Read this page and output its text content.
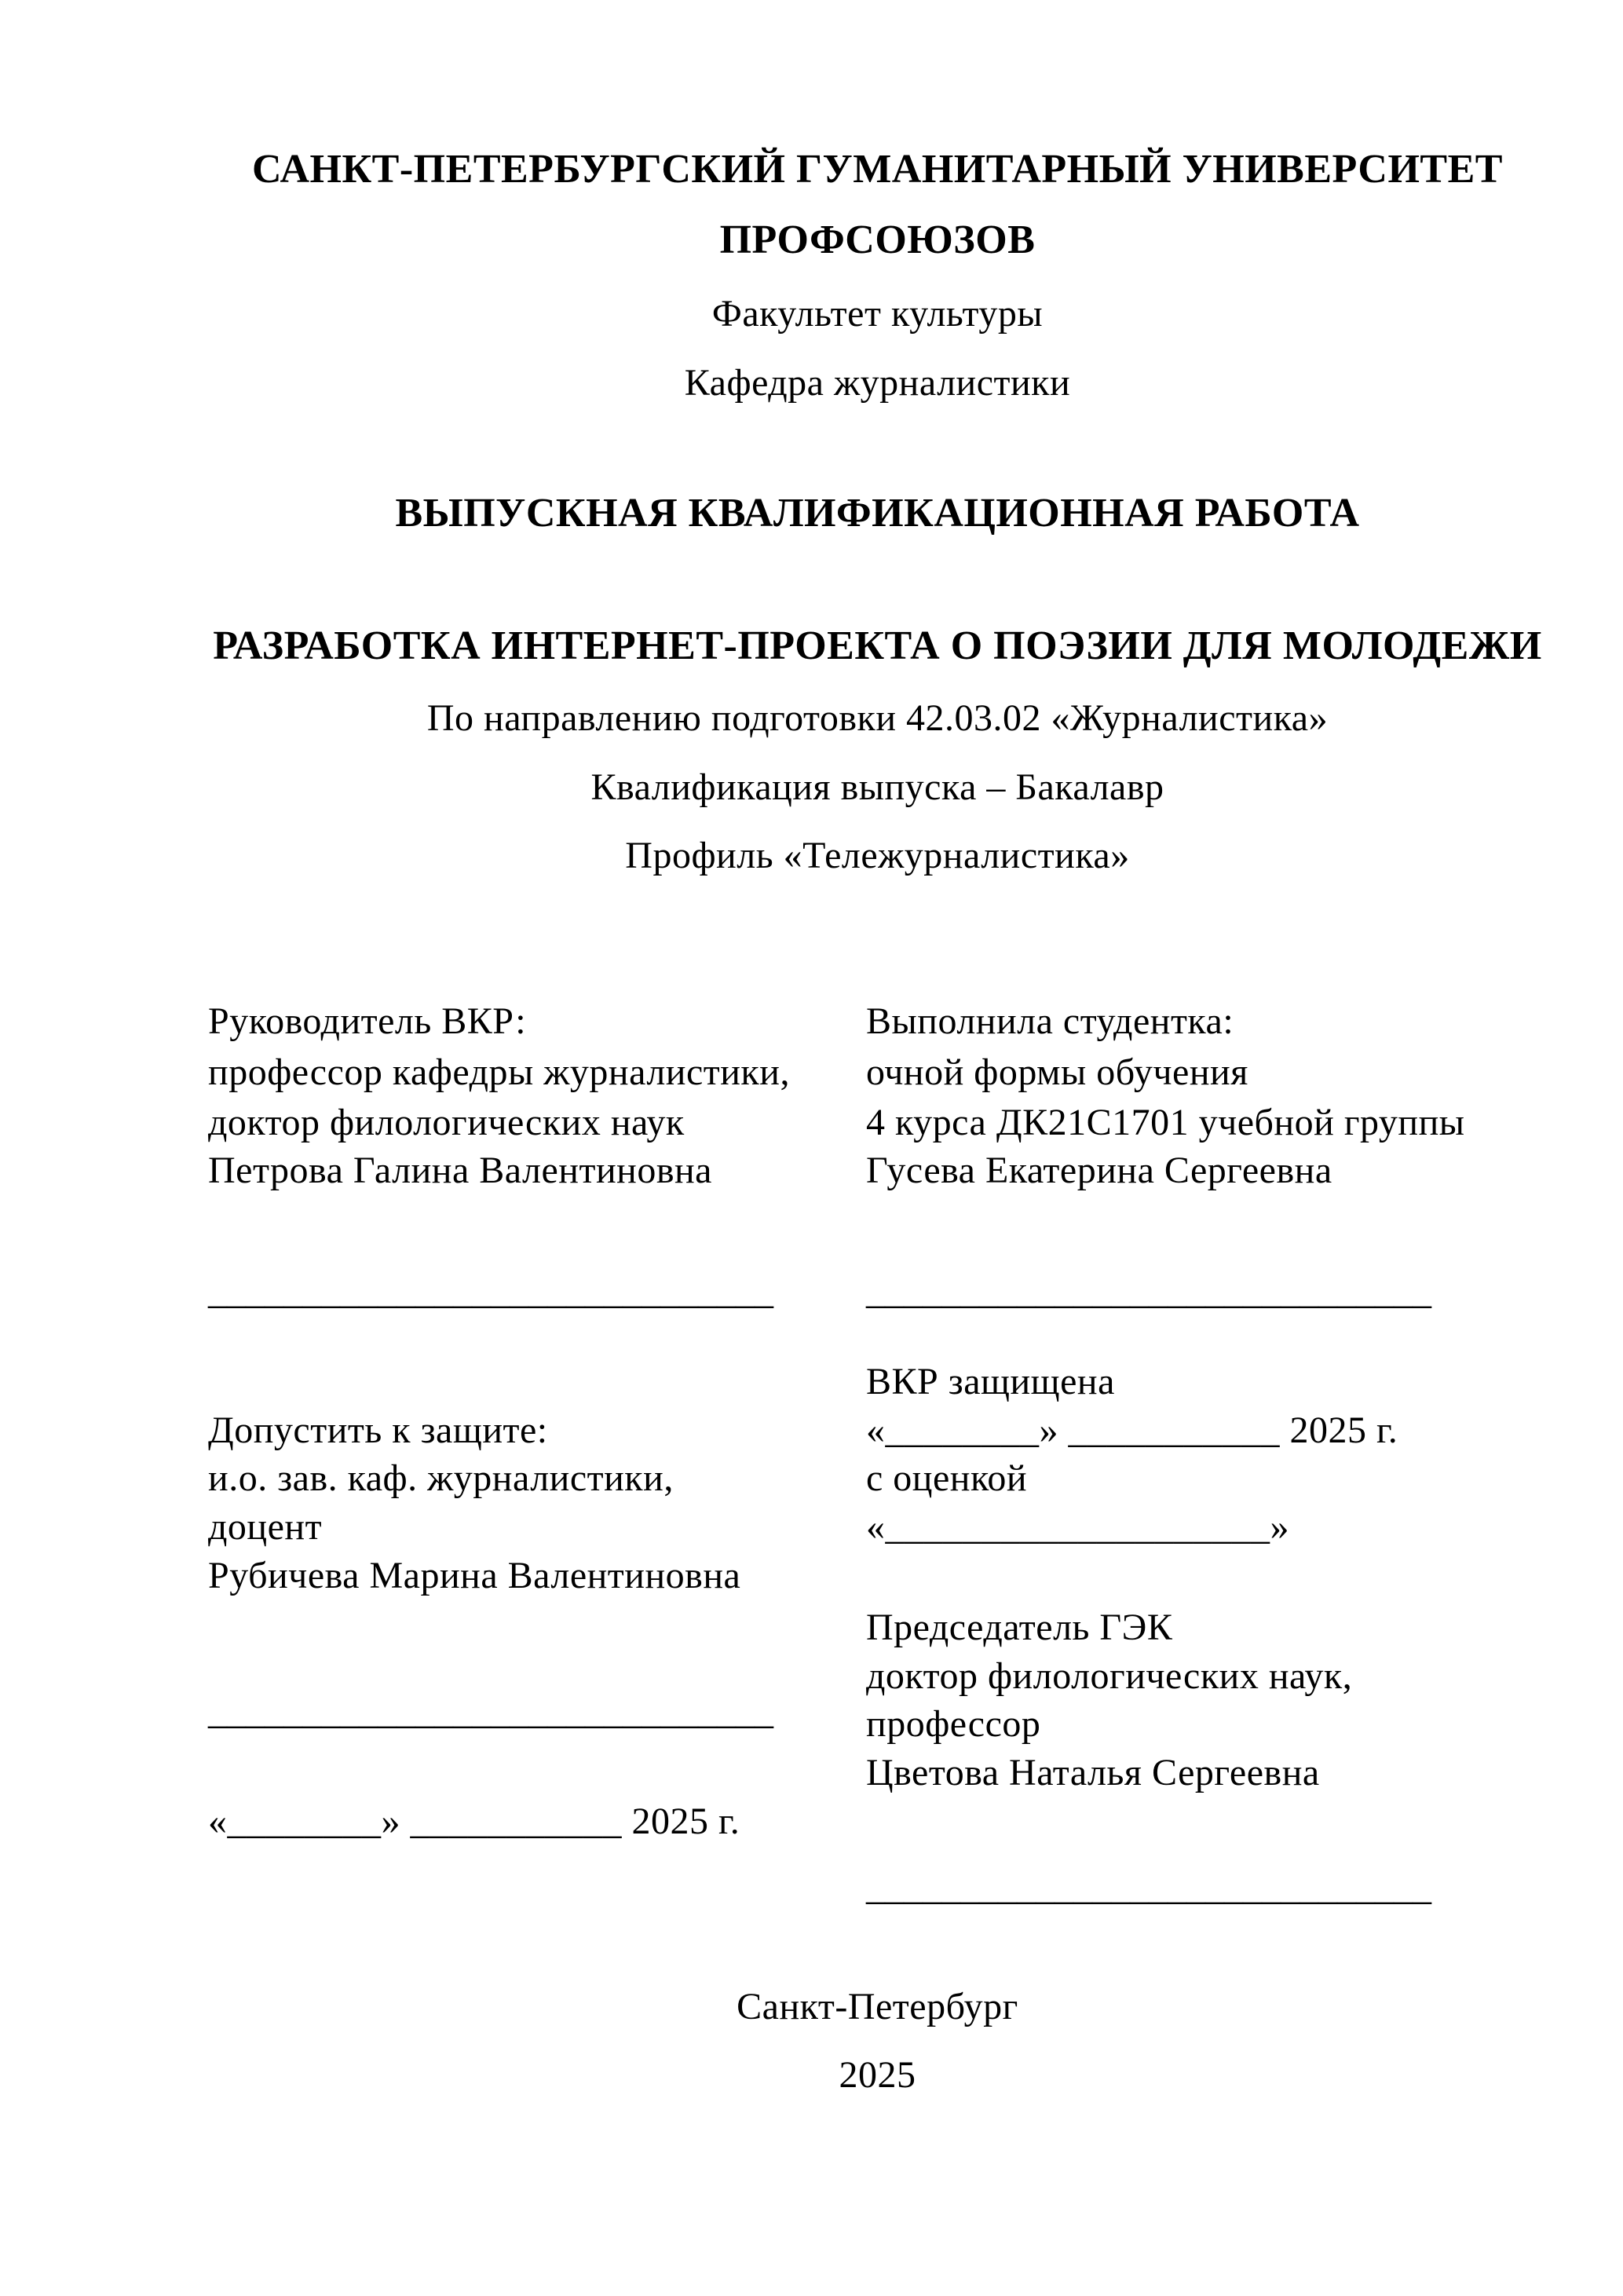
САНКТ-ПЕТЕРБУРГСКИЙ ГУМАНИТАРНЫЙ УНИВЕРСИТЕТ
ПРОФСОЮЗОВ
Факультет культуры
Кафедра журналистики
ВЫПУСКНАЯ КВАЛИФИКАЦИОННАЯ РАБОТА
РАЗРАБОТКА ИНТЕРНЕТ-ПРОЕКТА О ПОЭЗИИ ДЛЯ МОЛОДЕЖИ
По направлению подготовки 42.03.02 «Журналистика»
Квалификация выпуска – Бакалавр
Профиль «Тележурналистика»
Руководитель ВКР:
профессор кафедры журналистики,
доктор филологических наук
Петрова Галина Валентиновна
______________________________
Выполнила студентка:
очной формы обучения
4 курса ДК21С1701 учебной группы
Гусева Екатерина Сергеевна
______________________________
ВКР защищена
«________» ___________ 2025 г.
с оценкой
«____________________»
Председатель ГЭК
доктор филологических наук,
профессор
Цветова Наталья Сергеевна
______________________________
Допустить к защите:
и.о. зав. каф. журналистики,
доцент
Рубичева Марина Валентиновна
______________________________
«________» ___________ 2025 г.
Санкт-Петербург
2025
